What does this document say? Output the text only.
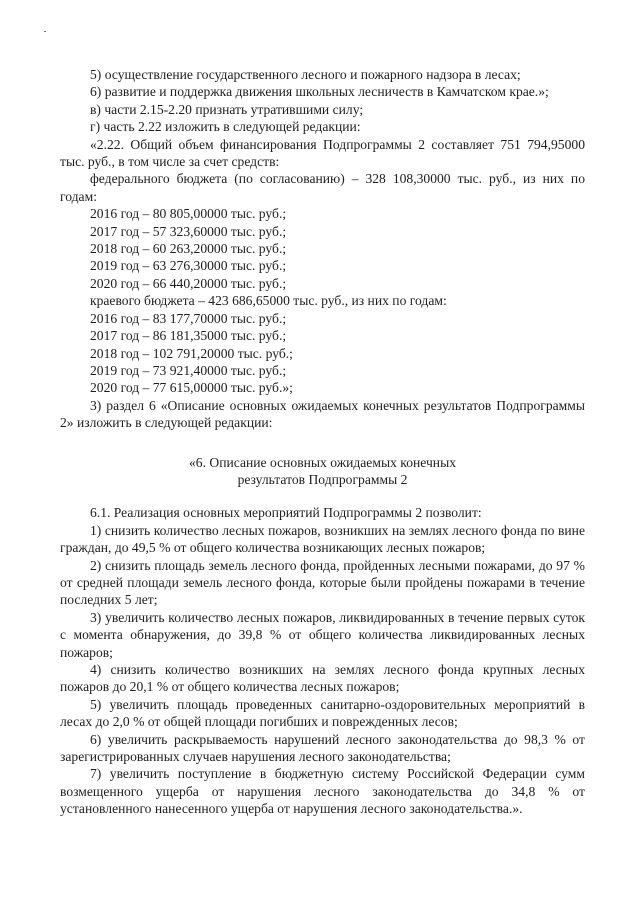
5) осуществление государственного лесного и пожарного надзора в лесах;

6) развитие и поддержка движения школьных лесничеств в Камчатском крае.»;

в) части 2.15-2.20 признать утратившими силу;

г) часть 2.22 изложить в следующей редакции:

«2.22. Общий объем финансирования Подпрограммы 2 составляет 751 794,95000 тыс. руб., в том числе за счет средств:

федерального бюджета (по согласованию) – 328 108,30000 тыс. руб., из них по годам:

2016 год – 80 805,00000 тыс. руб.;

2017 год – 57 323,60000 тыс. руб.;

2018 год – 60 263,20000 тыс. руб.;

2019 год – 63 276,30000 тыс. руб.;

2020 год – 66 440,20000 тыс. руб.;

краевого бюджета – 423 686,65000 тыс. руб., из них по годам:

2016 год – 83 177,70000 тыс. руб.;

2017 год – 86 181,35000 тыс. руб.;

2018 год – 102 791,20000 тыс. руб.;

2019 год – 73 921,40000 тыс. руб.;

2020 год – 77 615,00000 тыс. руб.»;

3) раздел 6 «Описание основных ожидаемых конечных результатов Подпрограммы 2» изложить в следующей редакции:

«6. Описание основных ожидаемых конечных
результатов Подпрограммы 2

6.1. Реализация основных мероприятий Подпрограммы 2 позволит:

1) снизить количество лесных пожаров, возникших на землях лесного фонда по вине граждан, до 49,5 % от общего количества возникающих лесных пожаров;

2) снизить площадь земель лесного фонда, пройденных лесными пожарами, до 97 % от средней площади земель лесного фонда, которые были пройдены пожарами в течение последних 5 лет;

3) увеличить количество лесных пожаров, ликвидированных в течение первых суток с момента обнаружения, до 39,8 % от общего количества ликвидированных лесных пожаров;

4) снизить количество возникших на землях лесного фонда крупных лесных пожаров до 20,1 % от общего количества лесных пожаров;

5) увеличить площадь проведенных санитарно-оздоровительных мероприятий в лесах до 2,0 % от общей площади погибших и поврежденных лесов;

6) увеличить раскрываемость нарушений лесного законодательства до 98,3 % от зарегистрированных случаев нарушения лесного законодательства;

7) увеличить поступление в бюджетную систему Российской Федерации сумм возмещенного ущерба от нарушения лесного законодательства до 34,8 % от установленного нанесенного ущерба от нарушения лесного законодательства.».
